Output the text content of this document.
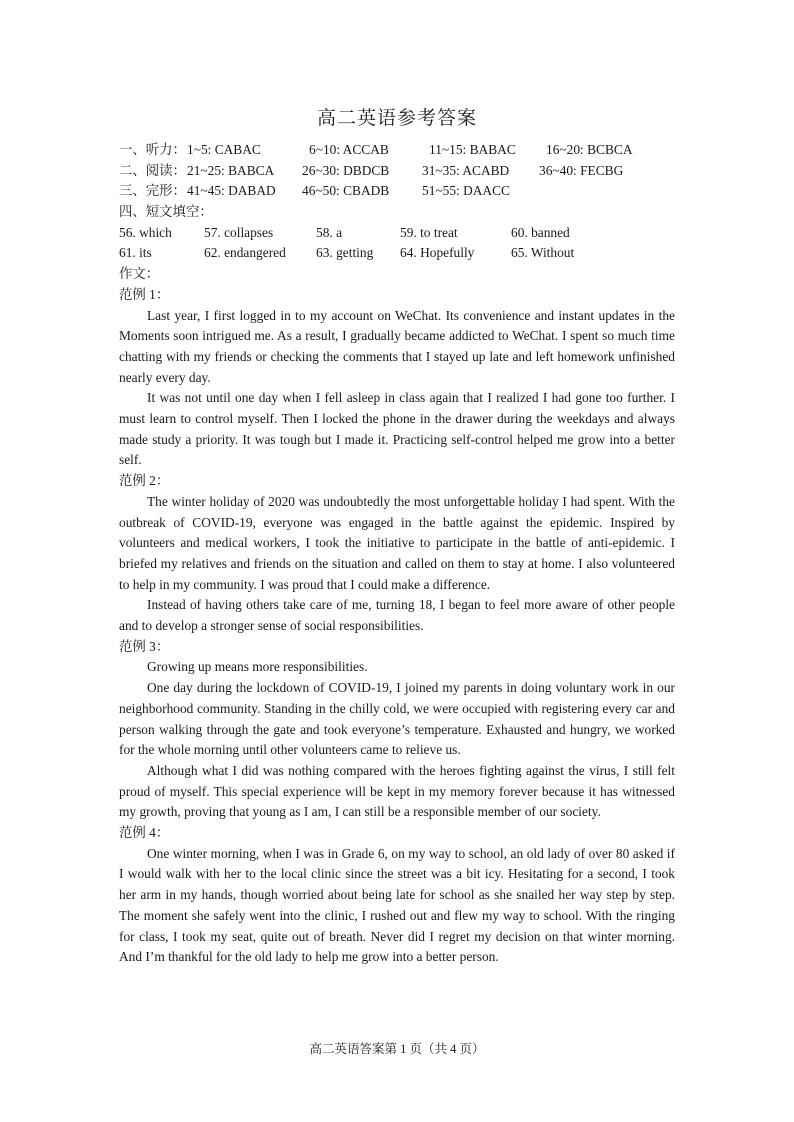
高二英语参考答案
一、听力： 1~5: CABAC	6~10: ACCAB	11~15: BABAC	16~20: BCBCA
二、阅读： 21~25: BABCA	26~30: DBDCB	31~35: ACABD	36~40: FECBG
三、完形： 41~45: DABAD	46~50: CBADB	51~55: DAACC
四、短文填空：
56. which	57. collapses	58. a	59. to treat	60. banned
61. its	62. endangered	63. getting	64. Hopefully	65. Without
作文：
范例 1：

Last year, I first logged in to my account on WeChat. Its convenience and instant updates in the Moments soon intrigued me. As a result, I gradually became addicted to WeChat. I spent so much time chatting with my friends or checking the comments that I stayed up late and left homework unfinished nearly every day.

It was not until one day when I fell asleep in class again that I realized I had gone too further. I must learn to control myself. Then I locked the phone in the drawer during the weekdays and always made study a priority. It was tough but I made it. Practicing self-control helped me grow into a better self.

范例 2：

The winter holiday of 2020 was undoubtedly the most unforgettable holiday I had spent. With the outbreak of COVID-19, everyone was engaged in the battle against the epidemic. Inspired by volunteers and medical workers, I took the initiative to participate in the battle of anti-epidemic. I briefed my relatives and friends on the situation and called on them to stay at home. I also volunteered to help in my community. I was proud that I could make a difference.

Instead of having others take care of me, turning 18, I began to feel more aware of other people and to develop a stronger sense of social responsibilities.

范例 3：

Growing up means more responsibilities.

One day during the lockdown of COVID-19, I joined my parents in doing voluntary work in our neighborhood community. Standing in the chilly cold, we were occupied with registering every car and person walking through the gate and took everyone’s temperature. Exhausted and hungry, we worked for the whole morning until other volunteers came to relieve us.

Although what I did was nothing compared with the heroes fighting against the virus, I still felt proud of myself. This special experience will be kept in my memory forever because it has witnessed my growth, proving that young as I am, I can still be a responsible member of our society.

范例 4：

One winter morning, when I was in Grade 6, on my way to school, an old lady of over 80 asked if I would walk with her to the local clinic since the street was a bit icy. Hesitating for a second, I took her arm in my hands, though worried about being late for school as she snailed her way step by step. The moment she safely went into the clinic, I rushed out and flew my way to school. With the ringing for class, I took my seat, quite out of breath. Never did I regret my decision on that winter morning. And I’m thankful for the old lady to help me grow into a better person.

高二英语答案第 1 页（共 4 页）
